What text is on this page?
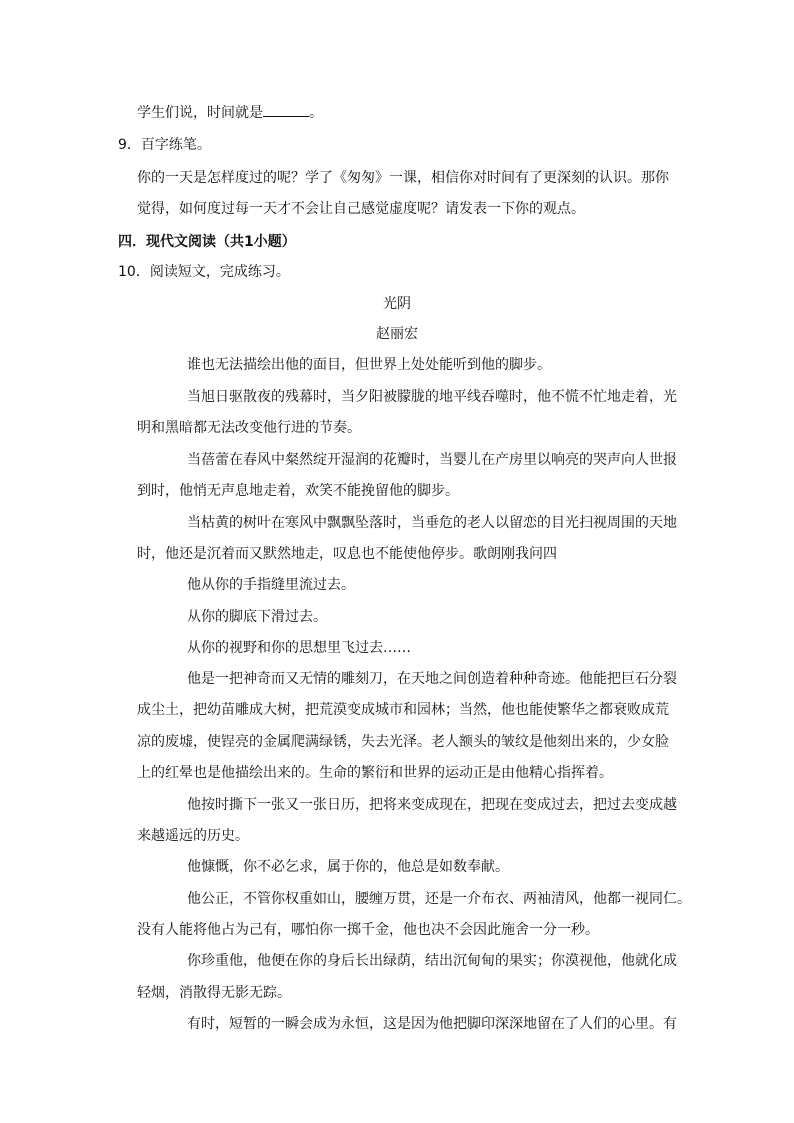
学生们说，时间就是	。
9．百字练笔。
你的一天是怎样度过的呢？学了《匆匆》一课，相信你对时间有了更深刻的认识。那你
觉得，如何度过每一天才不会让自己感觉虚度呢？请发表一下你的观点。
四．现代文阅读（共1小题）
10．阅读短文，完成练习。
光阴
赵丽宏
谁也无法描绘出他的面目，但世界上处处能听到他的脚步。
当旭日驱散夜的残幕时，当夕阳被朦胧的地平线吞噬时，他不慌不忙地走着，光
明和黑暗都无法改变他行进的节奏。
当蓓蕾在春风中粲然绽开湿润的花瓣时，当婴儿在产房里以响亮的哭声向人世报
到时，他悄无声息地走着，欢笑不能挽留他的脚步。
当枯黄的树叶在寒风中飘飘坠落时，当垂危的老人以留恋的目光扫视周围的天地
时，他还是沉着而又默然地走，叹息也不能使他停步。歌朗刚我问四
他从你的手指缝里流过去。
从你的脚底下滑过去。
从你的视野和你的思想里飞过去……
他是一把神奇而又无情的雕刻刀，在天地之间创造着种种奇迹。他能把巨石分裂
成尘土，把幼苗雕成大树，把荒漠变成城市和园林；当然，他也能使繁华之都衰败成荒
凉的废墟，使锃亮的金属爬满绿锈，失去光泽。老人额头的皱纹是他刻出来的，少女脸
上的红晕也是他描绘出来的。生命的繁衍和世界的运动正是由他精心指挥着。
他按时撕下一张又一张日历，把将来变成现在，把现在变成过去，把过去变成越
来越遥远的历史。
他慷慨，你不必乞求，属于你的，他总是如数奉献。
他公正，不管你权重如山，腰缠万贯，还是一介布衣、两袖清风，他都一视同仁。
没有人能将他占为己有，哪怕你一掷千金，他也决不会因此施舍一分一秒。
你珍重他，他便在你的身后长出绿荫，结出沉甸甸的果实；你漠视他，他就化成
轻烟，消散得无影无踪。
有时，短暂的一瞬会成为永恒，这是因为他把脚印深深地留在了人们的心里。有
